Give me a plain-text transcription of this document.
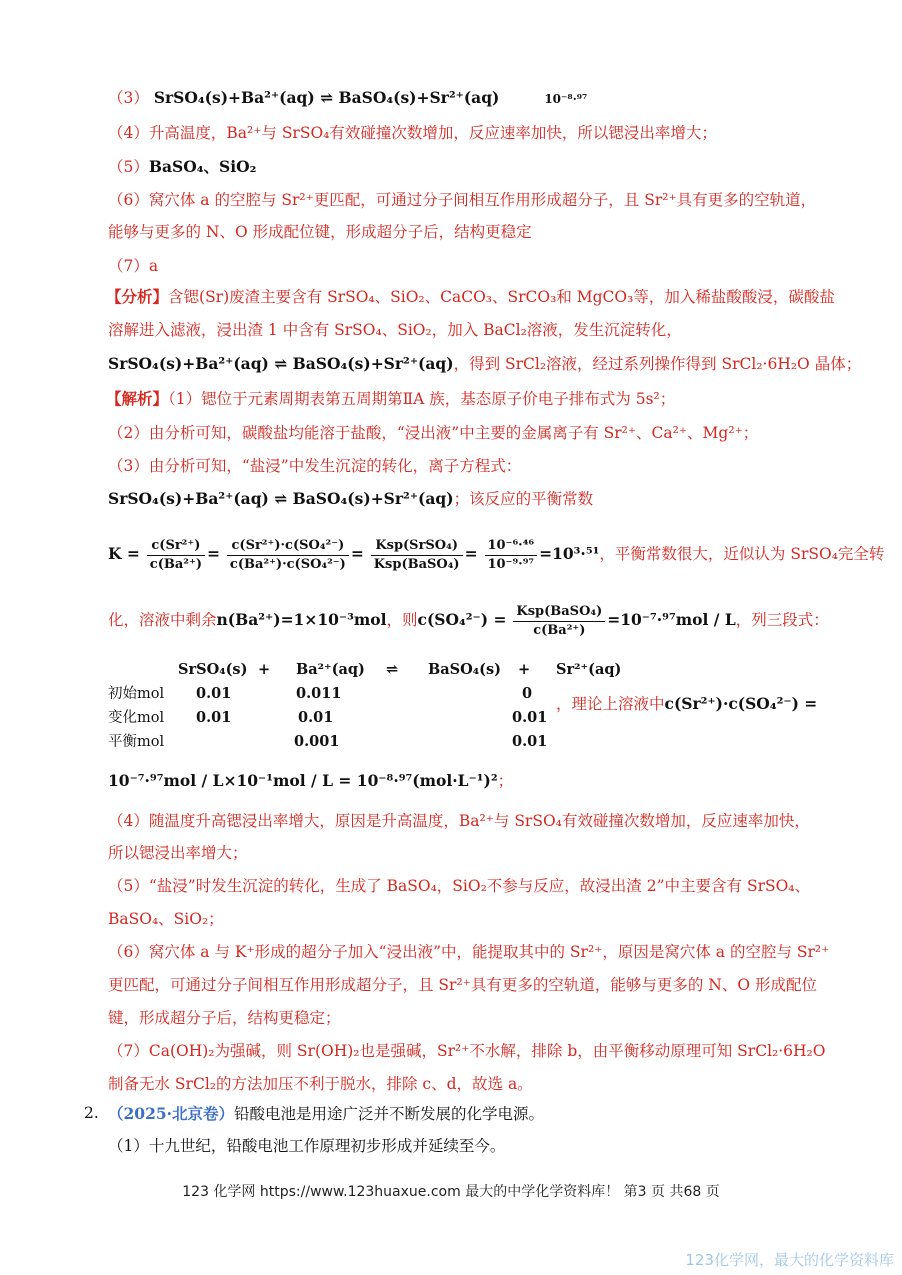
（3） SrSO₄(s)+Ba²⁺(aq) ⇌ BaSO₄(s)+Sr²⁺(aq)	10⁻⁸·⁹⁷
（4）升高温度，Ba²⁺与 SrSO₄有效碰撞次数增加，反应速率加快，所以锶浸出率增大；
（5）BaSO₄、SiO₂
（6）窝穴体 a 的空腔与 Sr²⁺更匹配，可通过分子间相互作用形成超分子，且 Sr²⁺具有更多的空轨道，
能够与更多的 N、O 形成配位键，形成超分子后，结构更稳定
（7）a
【分析】含锶(Sr)废渣主要含有 SrSO₄、SiO₂、CaCO₃、SrCO₃和 MgCO₃等，加入稀盐酸酸浸，碳酸盐
溶解进入滤液，浸出渣 1 中含有 SrSO₄、SiO₂，加入 BaCl₂溶液，发生沉淀转化，
SrSO₄(s)+Ba²⁺(aq) ⇌ BaSO₄(s)+Sr²⁺(aq)，得到 SrCl₂溶液，经过系列操作得到 SrCl₂·6H₂O 晶体；
【解析】（1）锶位于元素周期表第五周期第ⅡA 族，基态原子价电子排布式为 5s²；
（2）由分析可知，碳酸盐均能溶于盐酸，“浸出液”中主要的金属离子有 Sr²⁺、Ca²⁺、Mg²⁺；
（3）由分析可知，“盐浸”中发生沉淀的转化，离子方程式：
SrSO₄(s)+Ba²⁺(aq) ⇌ BaSO₄(s)+Sr²⁺(aq)；该反应的平衡常数
$K = \frac{\text{c(Sr²⁺)}}{\text{c(Ba²⁺)}} = \frac{\text{c(Sr²⁺)·c(SO₄²⁻)}}{\text{c(Ba²⁺)·c(SO₄²⁻)}} = \frac{\text{Ksp(SrSO₄)}}{\text{Ksp(BaSO₄)}} = \frac{\text{10⁻⁶·⁴⁶}}{\text{10⁻⁹·⁹⁷}} =10^3\cdot^{51}$，平衡常数很大，近似认为 SrSO₄完全转
化，溶液中剩余n(Ba²⁺)=1×10⁻³mol，则$c(SO_4^{2-}) = \frac{\text{Ksp(BaSO₄)}}{\text{c(Ba²⁺)}} =10^{-7}\cdot^{97}mol / L$，列三段式：
SrSO₄(s) + Ba²⁺(aq) ⇌ BaSO₄(s) + Sr²⁺(aq)
初始mol 0.01	0.011	0
变化mol 0.01	0.01	0.01
平衡mol	0.001	0.01
，理论上溶液中c(Sr²⁺)·c(SO₄²⁻) =
10⁻⁷·⁹⁷mol / L×10⁻¹mol / L = 10⁻⁸·⁹⁷(mol·L⁻¹)²；
（4）随温度升高锶浸出率增大，原因是升高温度，Ba²⁺与 SrSO₄有效碰撞次数增加，反应速率加快，
所以锶浸出率增大；
（5）“盐浸”时发生沉淀的转化，生成了 BaSO₄，SiO₂不参与反应，故浸出渣 2”中主要含有 SrSO₄、
BaSO₄、SiO₂；
（6）窝穴体 a 与 K⁺形成的超分子加入“浸出液”中，能提取其中的 Sr²⁺，原因是窝穴体 a 的空腔与 Sr²⁺
更匹配，可通过分子间相互作用形成超分子，且 Sr²⁺具有更多的空轨道，能够与更多的 N、O 形成配位
键，形成超分子后，结构更稳定；
（7）Ca(OH)₂为强碱，则 Sr(OH)₂也是强碱，Sr²⁺不水解，排除 b，由平衡移动原理可知 SrCl₂·6H₂O
制备无水 SrCl₂的方法加压不利于脱水，排除 c、d，故选 a。
2. （2025·北京卷）铅酸电池是用途广泛并不断发展的化学电源。
（1）十九世纪，铅酸电池工作原理初步形成并延续至今。
123 化学网 https://www.123huaxue.com 最大的中学化学资料库！ 第3 页 共68 页
123化学网，最大的化学资料库
